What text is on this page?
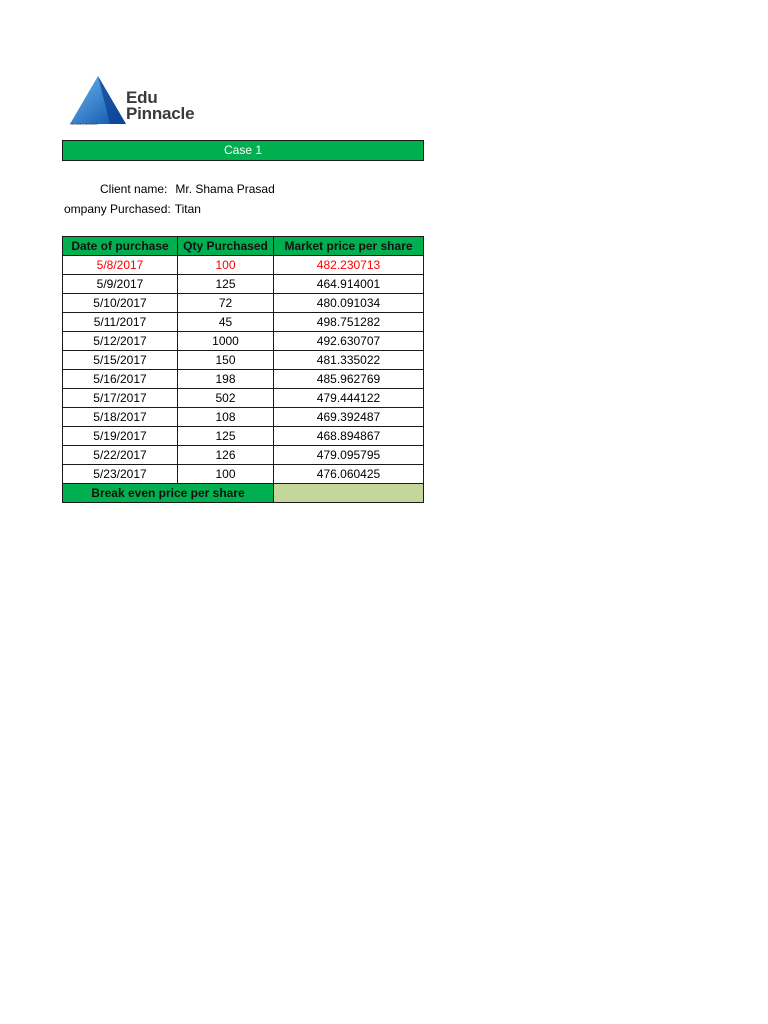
Edu
Pinnacle
Innovating Education...
Case 1
Client name: Mr. Shama Prasad
ompany Purchased: Titan
Date of purchase	Qty Purchased	Market price per share
5/8/2017	100	482.230713
5/9/2017	125	464.914001
5/10/2017	72	480.091034
5/11/2017	45	498.751282
5/12/2017	1000	492.630707
5/15/2017	150	481.335022
5/16/2017	198	485.962769
5/17/2017	502	479.444122
5/18/2017	108	469.392487
5/19/2017	125	468.894867
5/22/2017	126	479.095795
5/23/2017	100	476.060425
Break even price per share		
